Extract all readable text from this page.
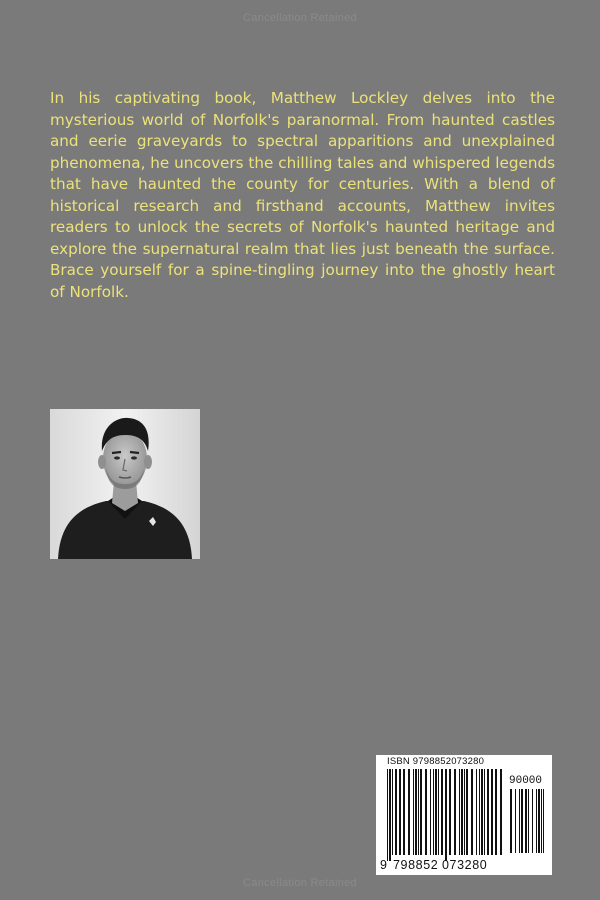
Cancellation Retained

In his captivating book, Matthew Lockley delves into the mysterious world of Norfolk's paranormal. From haunted castles and eerie graveyards to spectral apparitions and unexplained phenomena, he uncovers the chilling tales and whispered legends that have haunted the county for centuries. With a blend of historical research and firsthand accounts, Matthew invites readers to unlock the secrets of Norfolk's haunted heritage and explore the supernatural realm that lies just beneath the surface. Brace yourself for a spine-tingling journey into the ghostly heart of Norfolk.

ISBN 9798852073280
90000
9 798852 073280
Cancellation Retained
